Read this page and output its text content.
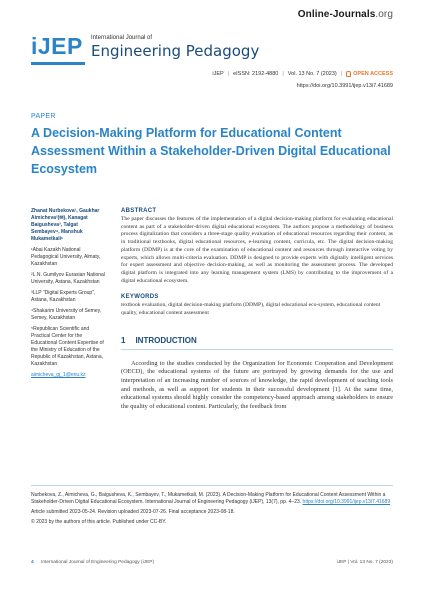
Online-Journals.org
iJEP International Journal of
Engineering Pedagogy
iJEP | eISSN: 2192-4880 | Vol. 13 No. 7 (2023) | OPEN ACCESS
https://doi.org/10.3991/ijep.v13i7.41689
PAPER
A Decision-Making Platform for Educational Content Assessment Within a Stakeholder-Driven Digital Educational Ecosystem
Zhanat Nurbekova¹, Gaukhar Aimicheva²(✉), Kanagat Baigusheva³, Talgat Sembayev⁴, Manshuk Mukametkali⁵
¹Abai Kazakh National Pedagogical University, Almaty, Kazakhstan
²L.N. Gumilyov Eurasian National University, Astana, Kazakhstan
³LLP "Digital Experts Group", Astana, Kazakhstan
⁴Shakarim University of Semey, Semey, Kazakhstan
⁵Republican Scientific and Practical Center for the Educational Content Expertise of the Ministry of Education of the Republic of Kazakhstan, Astana, Kazakhstan
aimicheva_gj_1@enu.kz
ABSTRACT
The paper discusses the features of the implementation of a digital decision-making platform for evaluating educational content as part of a stakeholder-driven digital educational ecosystem. The authors propose a methodology of business process digitalization that considers a three-stage quality evaluation of educational resources regarding their content, as in traditional textbooks, digital educational resources, e-learning content, curricula, etc. The digital decision-making platform (DDMP) is at the core of the examination of educational content and resources through interactive voting by experts, which allows multi-criteria evaluation. DDMP is designed to provide experts with digitally intelligent services for expert assessment and objective decision-making, as well as monitoring the assessment process. The developed digital platform is integrated into any learning management system (LMS) by contributing to the improvement of a digital educational ecosystem.
KEYWORDS
textbook evaluation, digital decision-making platform (DDMP), digital educational eco-system, educational content quality, educational content assessment
1 INTRODUCTION
According to the studies conducted by the Organization for Economic Cooperation and Development (OECD), the educational systems of the future are portrayed by growing demands for the use and interpretation of an increasing number of sources of knowledge, the rapid development of teaching tools and methods, as well as support for students in their successful development [1]. At the same time, educational systems should highly consider the competency-based approach among stakeholders to ensure the quality of educational content. Particularly, the feedback from

Nurbekova, Z., Aimicheva, G., Baigusheva, K., Sembayev, T., Mukametkali, M. (2023). A Decision-Making Platform for Educational Content Assessment Within a Stakeholder-Driven Digital Educational Ecosystem. International Journal of Engineering Pedagogy (iJEP), 13(7), pp. 4–23. https://doi.org/10.3991/ijep.v13i7.41689

Article submitted 2023-05-24. Revision uploaded 2023-07-26. Final acceptance 2023-08-18.

© 2023 by the authors of this article. Published under CC-BY.

4 International Journal of Engineering Pedagogy (iJEP)	iJEP | Vol. 13 No. 7 (2023)
